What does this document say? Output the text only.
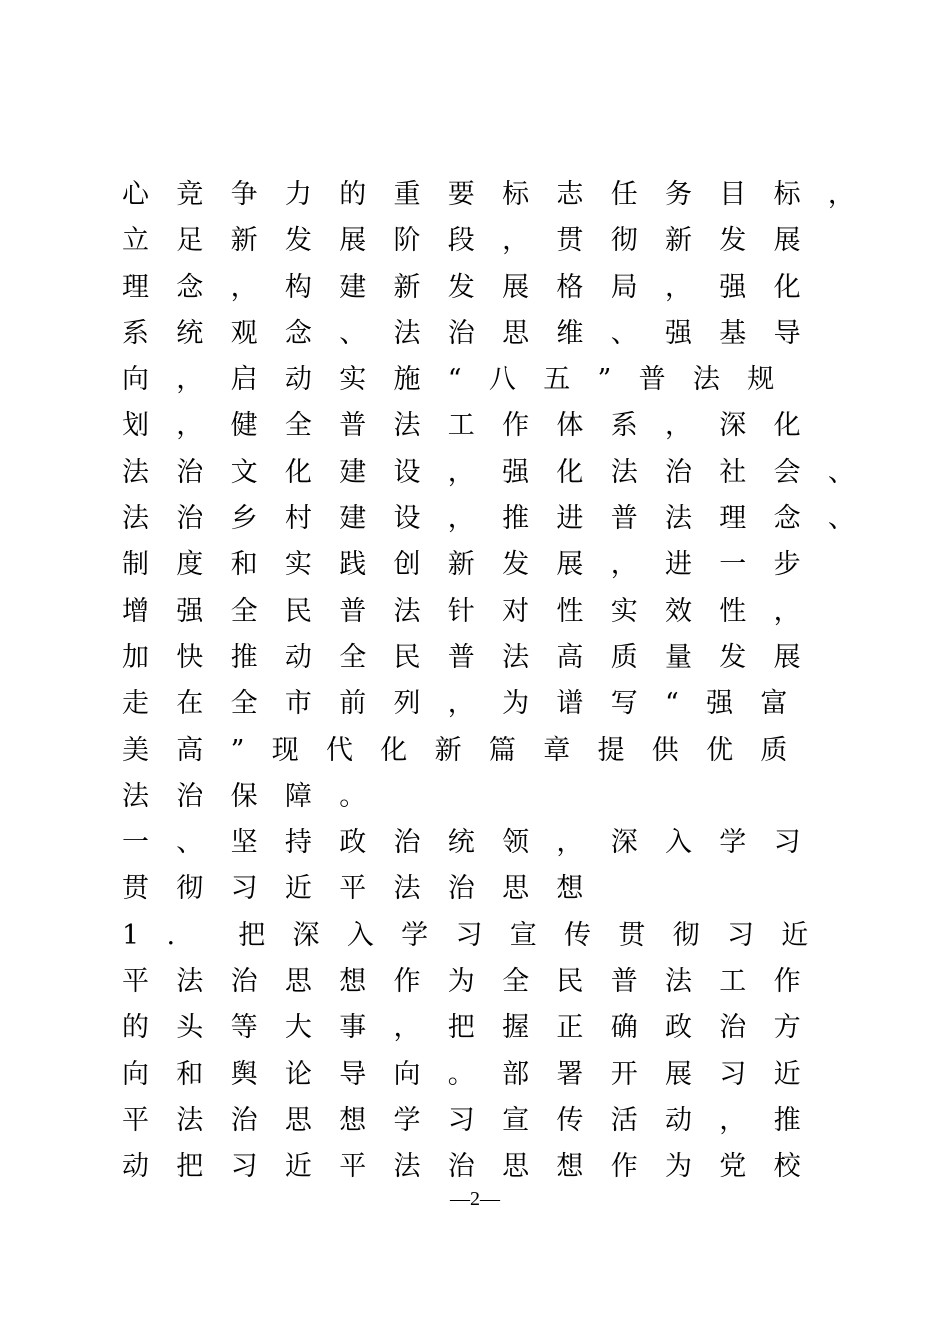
心竞争力的重要标志任务目标，
立足新发展阶段，贯彻新发展
理念，构建新发展格局，强化
系统观念、法治思维、强基导
向，启动实施“八五”普法规
划，健全普法工作体系，深化
法治文化建设，强化法治社会、
法治乡村建设，推进普法理念、
制度和实践创新发展，进一步
增强全民普法针对性实效性，
加快推动全民普法高质量发展
走在全市前列，为谱写“强富
美高”现代化新篇章提供优质
法治保障。
一、坚持政治统领，深入学习
贯彻习近平法治思想
1. 把深入学习宣传贯彻习近
平法治思想作为全民普法工作
的头等大事，把握正确政治方
向和舆论导向。部署开展习近
平法治思想学习宣传活动，推
动把习近平法治思想作为党校
—2—
